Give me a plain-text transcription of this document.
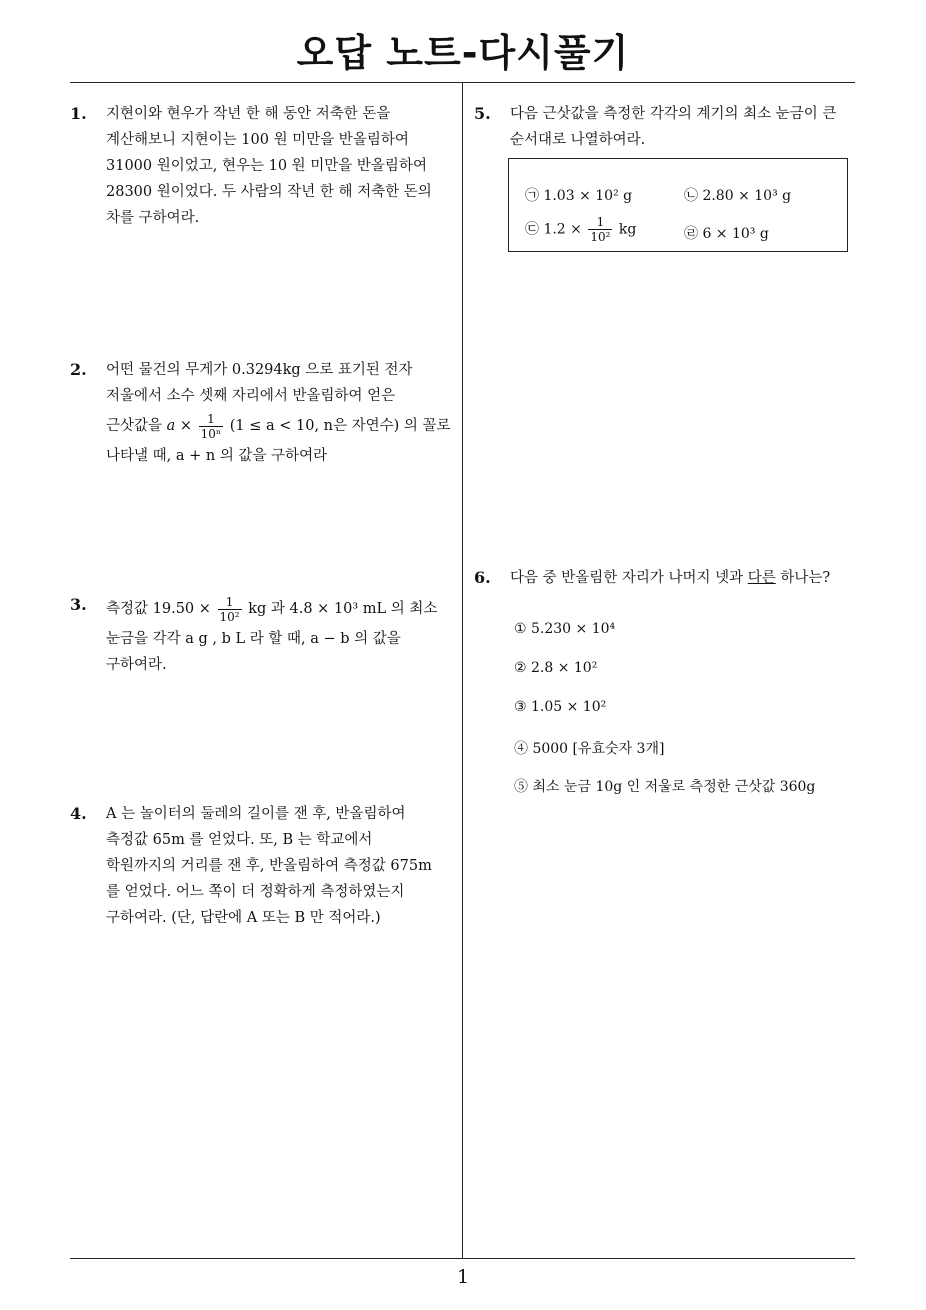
오답 노트-다시풀기
1
1. 지현이와 현우가 작년 한 해 동안 저축한 돈을

계산해보니 지현이는 100 원 미만을 반올림하여

31000 원이었고, 현우는 10 원 미만을 반올림하여

28300 원이었다. 두 사람의 작년 한 해 저축한 돈의

차를 구하여라.

2. 어떤 물건의 무게가 0.3294kg 으로 표기된 전자

저울에서 소수 셋째 자리에서 반올림하여 얻은

근삿값을 $a \times \frac{1}{\text{10ⁿ}} (1 \le a < 10$, n은 자연수) 의 꼴로

나타낼 때, a + n 의 값을 구하여라

3. 측정값 $19.50 \times \frac{1}{\text{10²}}$ kg 과 4.8 × 10³ mL 의 최소

눈금을 각각 a g , b L 라 할 때, a − b 의 값을

구하여라.

4. A 는 놀이터의 둘레의 길이를 잰 후, 반올림하여

측정값 65m 를 얻었다. 또, B 는 학교에서

학원까지의 거리를 잰 후, 반올림하여 측정값 675m

를 얻었다. 어느 쪽이 더 정확하게 측정하였는지

구하여라. (단, 답란에 A 또는 B 만 적어라.)

5. 다음 근삿값을 측정한 각각의 계기의 최소 눈금이 큰

순서대로 나열하여라.

㉠ 1.03 × 10² g	㉡ 2.80 × 10³ g
㉢ $1.2 \times \frac{1}{\text{10²}}$ kg	㉣ 6 × 10³ g
6. 다음 중 반올림한 자리가 나머지 넷과 다른 하나는?

① 5.230 × 10⁴
② 2.8 × 10²
③ 1.05 × 10²
④ 5000 [유효숫자 3개]
⑤ 최소 눈금 10g 인 저울로 측정한 근삿값 360g
